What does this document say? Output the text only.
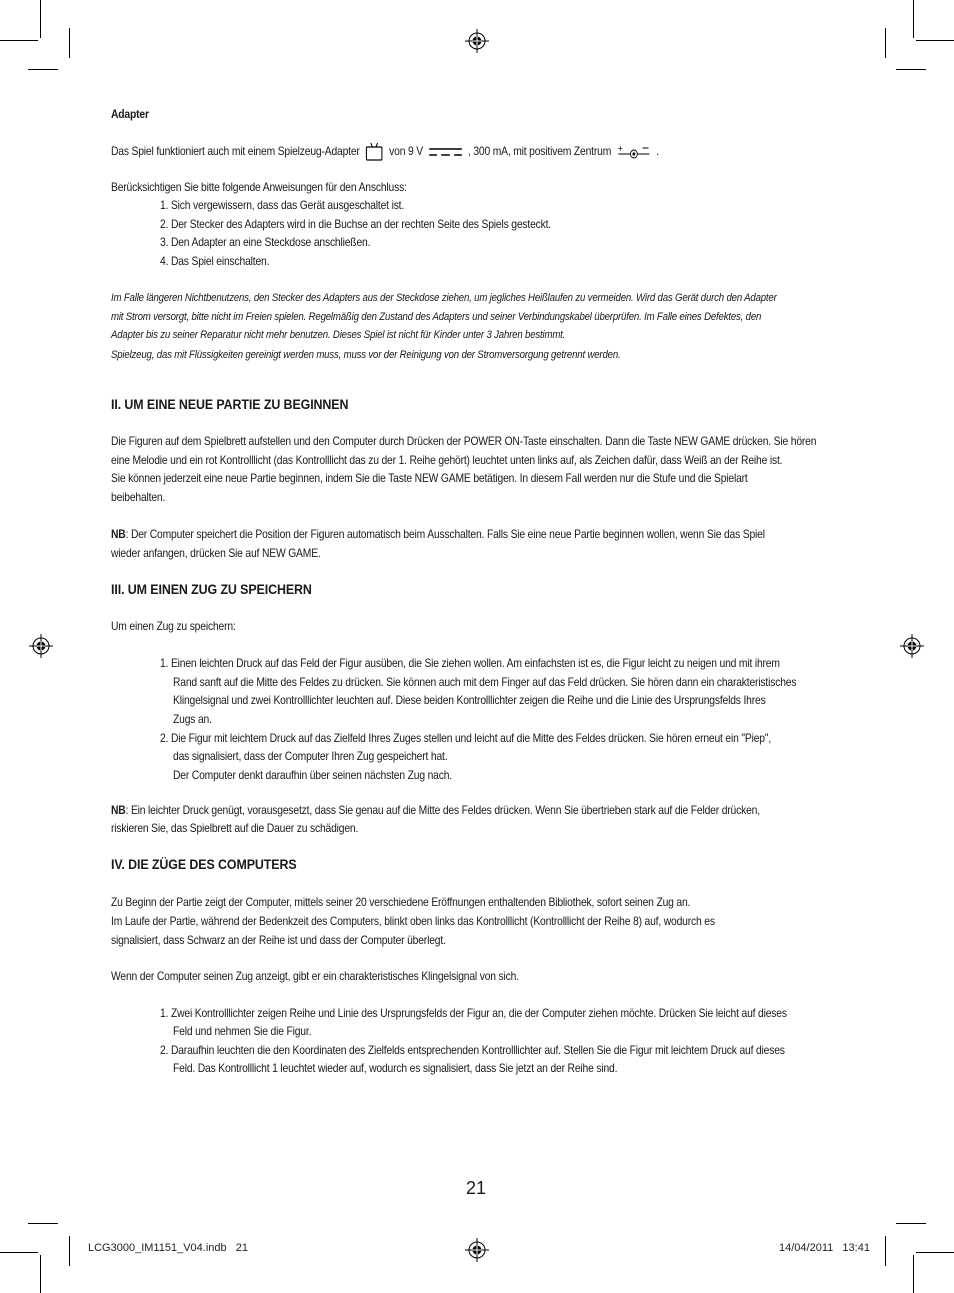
Adapter
Das Spiel funktioniert auch mit einem Spielzeug-Adapter von 9 V	, 300 mA, mit positivem Zentrum +	.
Berücksichtigen Sie bitte folgende Anweisungen für den Anschluss:
1. Sich vergewissern, dass das Gerät ausgeschaltet ist.
2. Der Stecker des Adapters wird in die Buchse an der rechten Seite des Spiels gesteckt.
3. Den Adapter an eine Steckdose anschließen.
4. Das Spiel einschalten.
Im Falle längeren Nichtbenutzens, den Stecker des Adapters aus der Steckdose ziehen, um jegliches Heißlaufen zu vermeiden. Wird das Gerät durch den Adapter
mit Strom versorgt, bitte nicht im Freien spielen. Regelmäßig den Zustand des Adapters und seiner Verbindungskabel überprüfen. Im Falle eines Defektes, den
Adapter bis zu seiner Reparatur nicht mehr benutzen. Dieses Spiel ist nicht für Kinder unter 3 Jahren bestimmt.
Spielzeug, das mit Flüssigkeiten gereinigt werden muss, muss vor der Reinigung von der Stromversorgung getrennt werden.
II. UM EINE NEUE PARTIE ZU BEGINNEN
Die Figuren auf dem Spielbrett aufstellen und den Computer durch Drücken der POWER ON-Taste einschalten. Dann die Taste NEW GAME drücken. Sie hören
eine Melodie und ein rot Kontrolllicht (das Kontrolllicht das zu der 1. Reihe gehört) leuchtet unten links auf, als Zeichen dafür, dass Weiß an der Reihe ist.
Sie können jederzeit eine neue Partie beginnen, indem Sie die Taste NEW GAME betätigen. In diesem Fall werden nur die Stufe und die Spielart
beibehalten.
NB: Der Computer speichert die Position der Figuren automatisch beim Ausschalten. Falls Sie eine neue Partie beginnen wollen, wenn Sie das Spiel
wieder anfangen, drücken Sie auf NEW GAME.
III. UM EINEN ZUG ZU SPEICHERN
Um einen Zug zu speichern:
1. Einen leichten Druck auf das Feld der Figur ausüben, die Sie ziehen wollen. Am einfachsten ist es, die Figur leicht zu neigen und mit ihrem
Rand sanft auf die Mitte des Feldes zu drücken. Sie können auch mit dem Finger auf das Feld drücken. Sie hören dann ein charakteristisches
Klingelsignal und zwei Kontrolllichter leuchten auf. Diese beiden Kontrolllichter zeigen die Reihe und die Linie des Ursprungsfelds Ihres
Zugs an.
2. Die Figur mit leichtem Druck auf das Zielfeld Ihres Zuges stellen und leicht auf die Mitte des Feldes drücken. Sie hören erneut ein "Piep",
das signalisiert, dass der Computer Ihren Zug gespeichert hat.
Der Computer denkt daraufhin über seinen nächsten Zug nach.
NB: Ein leichter Druck genügt, vorausgesetzt, dass Sie genau auf die Mitte des Feldes drücken. Wenn Sie übertrieben stark auf die Felder drücken,
riskieren Sie, das Spielbrett auf die Dauer zu schädigen.
IV. DIE ZÜGE DES COMPUTERS
Zu Beginn der Partie zeigt der Computer, mittels seiner 20 verschiedene Eröffnungen enthaltenden Bibliothek, sofort seinen Zug an.
Im Laufe der Partie, während der Bedenkzeit des Computers, blinkt oben links das Kontrolllicht (Kontrolllicht der Reihe 8) auf, wodurch es
signalisiert, dass Schwarz an der Reihe ist und dass der Computer überlegt.
Wenn der Computer seinen Zug anzeigt, gibt er ein charakteristisches Klingelsignal von sich.
1. Zwei Kontrolllichter zeigen Reihe und Linie des Ursprungsfelds der Figur an, die der Computer ziehen möchte. Drücken Sie leicht auf dieses
Feld und nehmen Sie die Figur.
2. Daraufhin leuchten die den Koordinaten des Zielfelds entsprechenden Kontrolllichter auf. Stellen Sie die Figur mit leichtem Druck auf dieses
Feld. Das Kontrolllicht 1 leuchtet wieder auf, wodurch es signalisiert, dass Sie jetzt an der Reihe sind.
21
LCG3000_IM1151_V04.indb   21	14/04/2011   13:41
